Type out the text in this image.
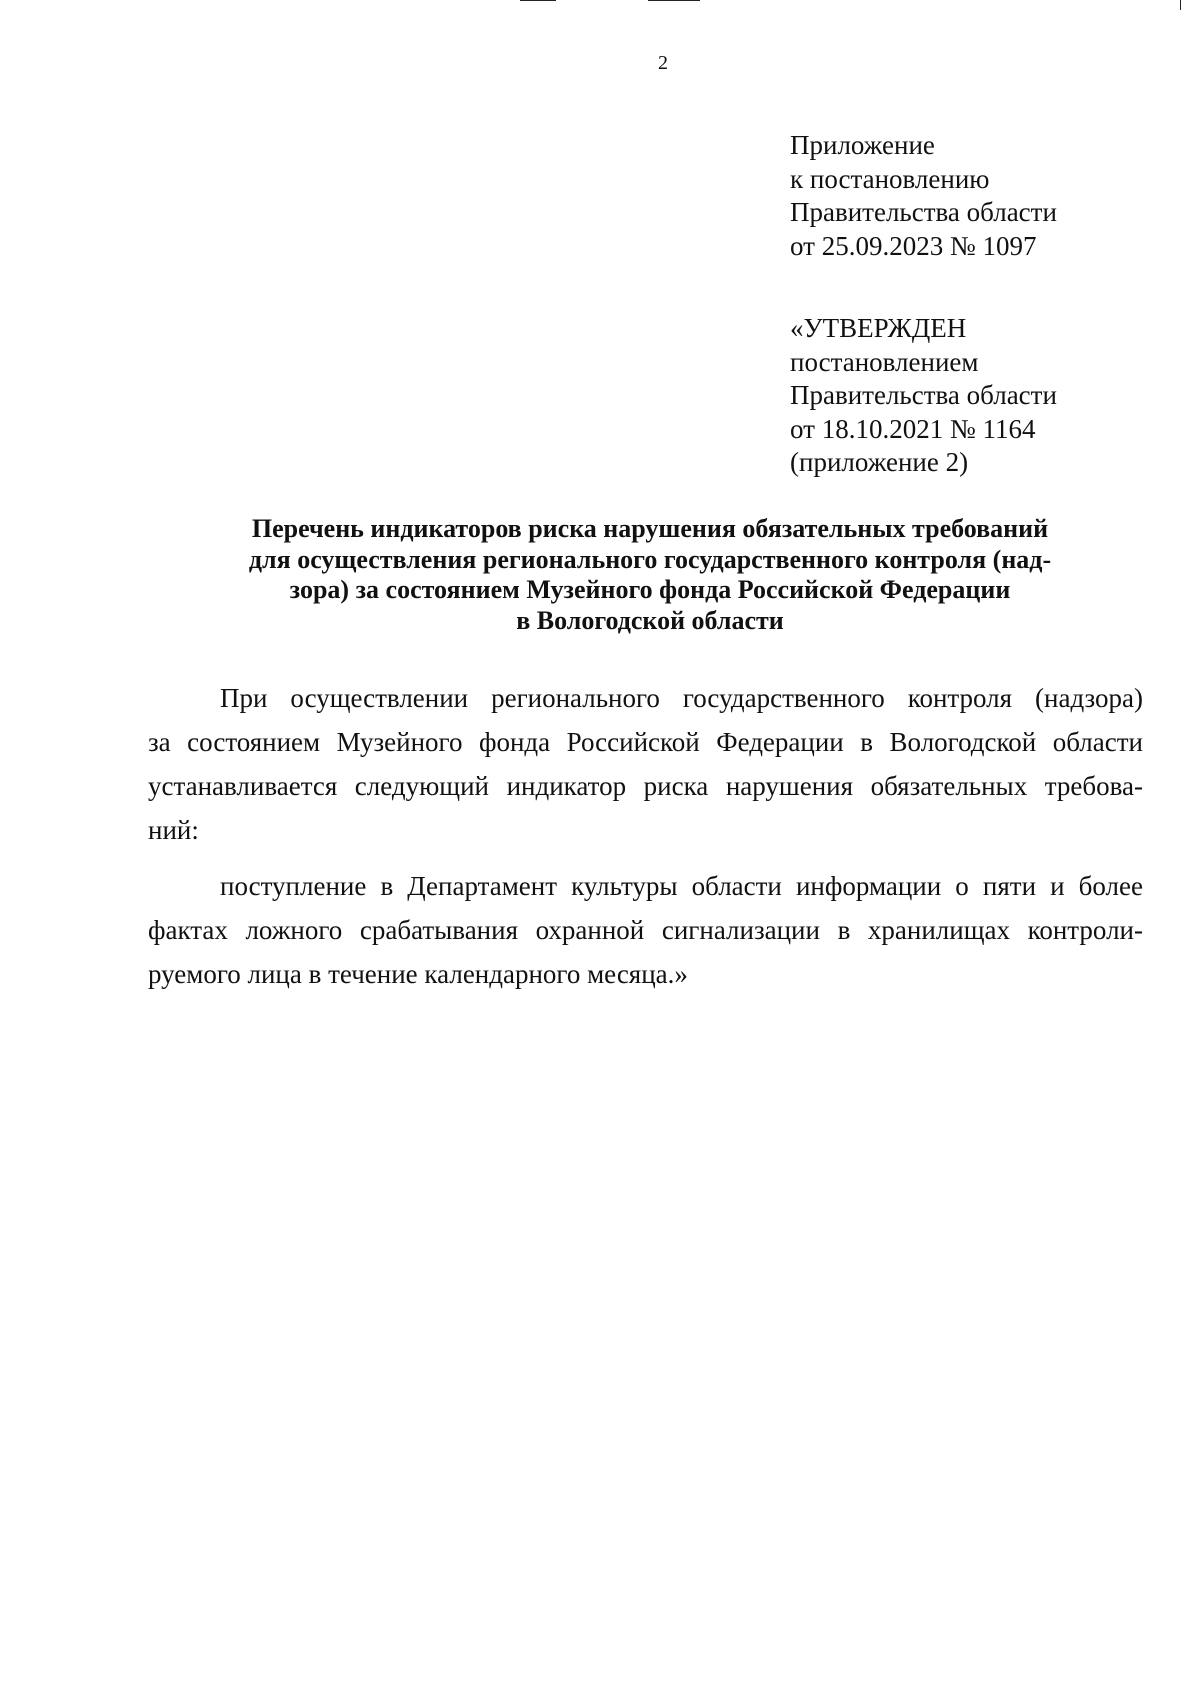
2
Приложение
к постановлению
Правительства области
от 25.09.2023 № 1097
«УТВЕРЖДЕН
постановлением
Правительства области
от 18.10.2021 № 1164
(приложение 2)
Перечень индикаторов риска нарушения обязательных требований
для осуществления регионального государственного контроля (над-
зора) за состоянием Музейного фонда Российской Федерации
в Вологодской области
При осуществлении регионального государственного контроля (надзора)
за состоянием Музейного фонда Российской Федерации в Вологодской области
устанавливается следующий индикатор риска нарушения обязательных требова-
ний:
поступление в Департамент культуры области информации о пяти и более
фактах ложного срабатывания охранной сигнализации в хранилищах контроли-
руемого лица в течение календарного месяца.»
